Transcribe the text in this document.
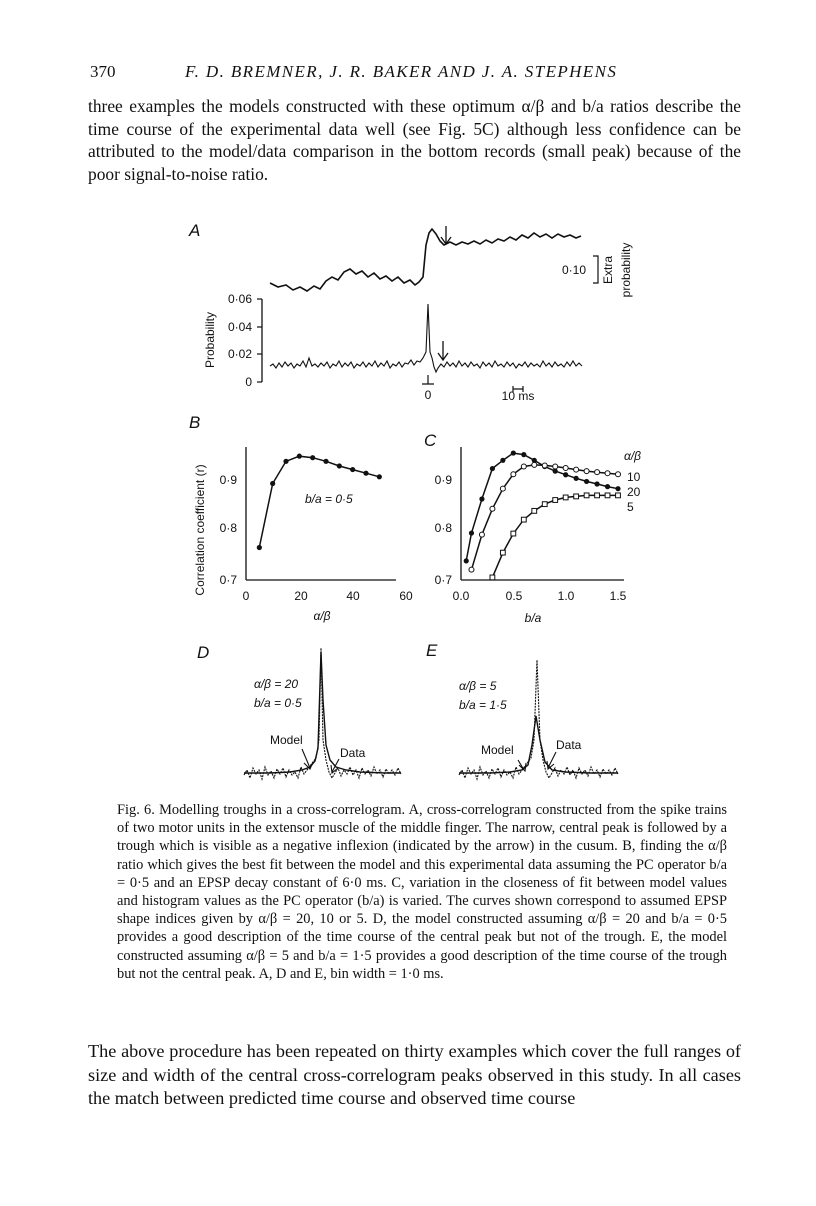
370	F. D. BREMNER, J. R. BAKER AND J. A. STEPHENS

three examples the models constructed with these optimum α/β and b/a ratios describe the time course of the experimental data well (see Fig. 5C) although less confidence can be attributed to the model/data comparison in the bottom records (small peak) because of the poor signal-to-noise ratio.

A
0·10 Extra probability
Probability
0·06
0·04
0·02
0
0	10 ms
B
Correlation coefficient (r) 0·9
0·8
0·7
0	20	40	60
α/β
b/a = 0·5
C
0·9
0·8
0·7
0.0	0.5	1.0	1.5
b/a
α/β
10
20
5
D
α/β = 20
b/a = 0·5
Model
Data
E
α/β = 5
b/a = 1·5
Model	Data

Fig. 6. Modelling troughs in a cross-correlogram. A, cross-correlogram constructed from the spike trains of two motor units in the extensor muscle of the middle finger. The narrow, central peak is followed by a trough which is visible as a negative inflexion (indicated by the arrow) in the cusum. B, finding the α/β ratio which gives the best fit between the model and this experimental data assuming the PC operator b/a = 0·5 and an EPSP decay constant of 6·0 ms. C, variation in the closeness of fit between model values and histogram values as the PC operator (b/a) is varied. The curves shown correspond to assumed EPSP shape indices given by α/β = 20, 10 or 5. D, the model constructed assuming α/β = 20 and b/a = 0·5 provides a good description of the time course of the central peak but not of the trough. E, the model constructed assuming α/β = 5 and b/a = 1·5 provides a good description of the time course of the trough but not the central peak. A, D and E, bin width = 1·0 ms.

The above procedure has been repeated on thirty examples which cover the full ranges of size and width of the central cross-correlogram peaks observed in this study. In all cases the match between predicted time course and observed time course
